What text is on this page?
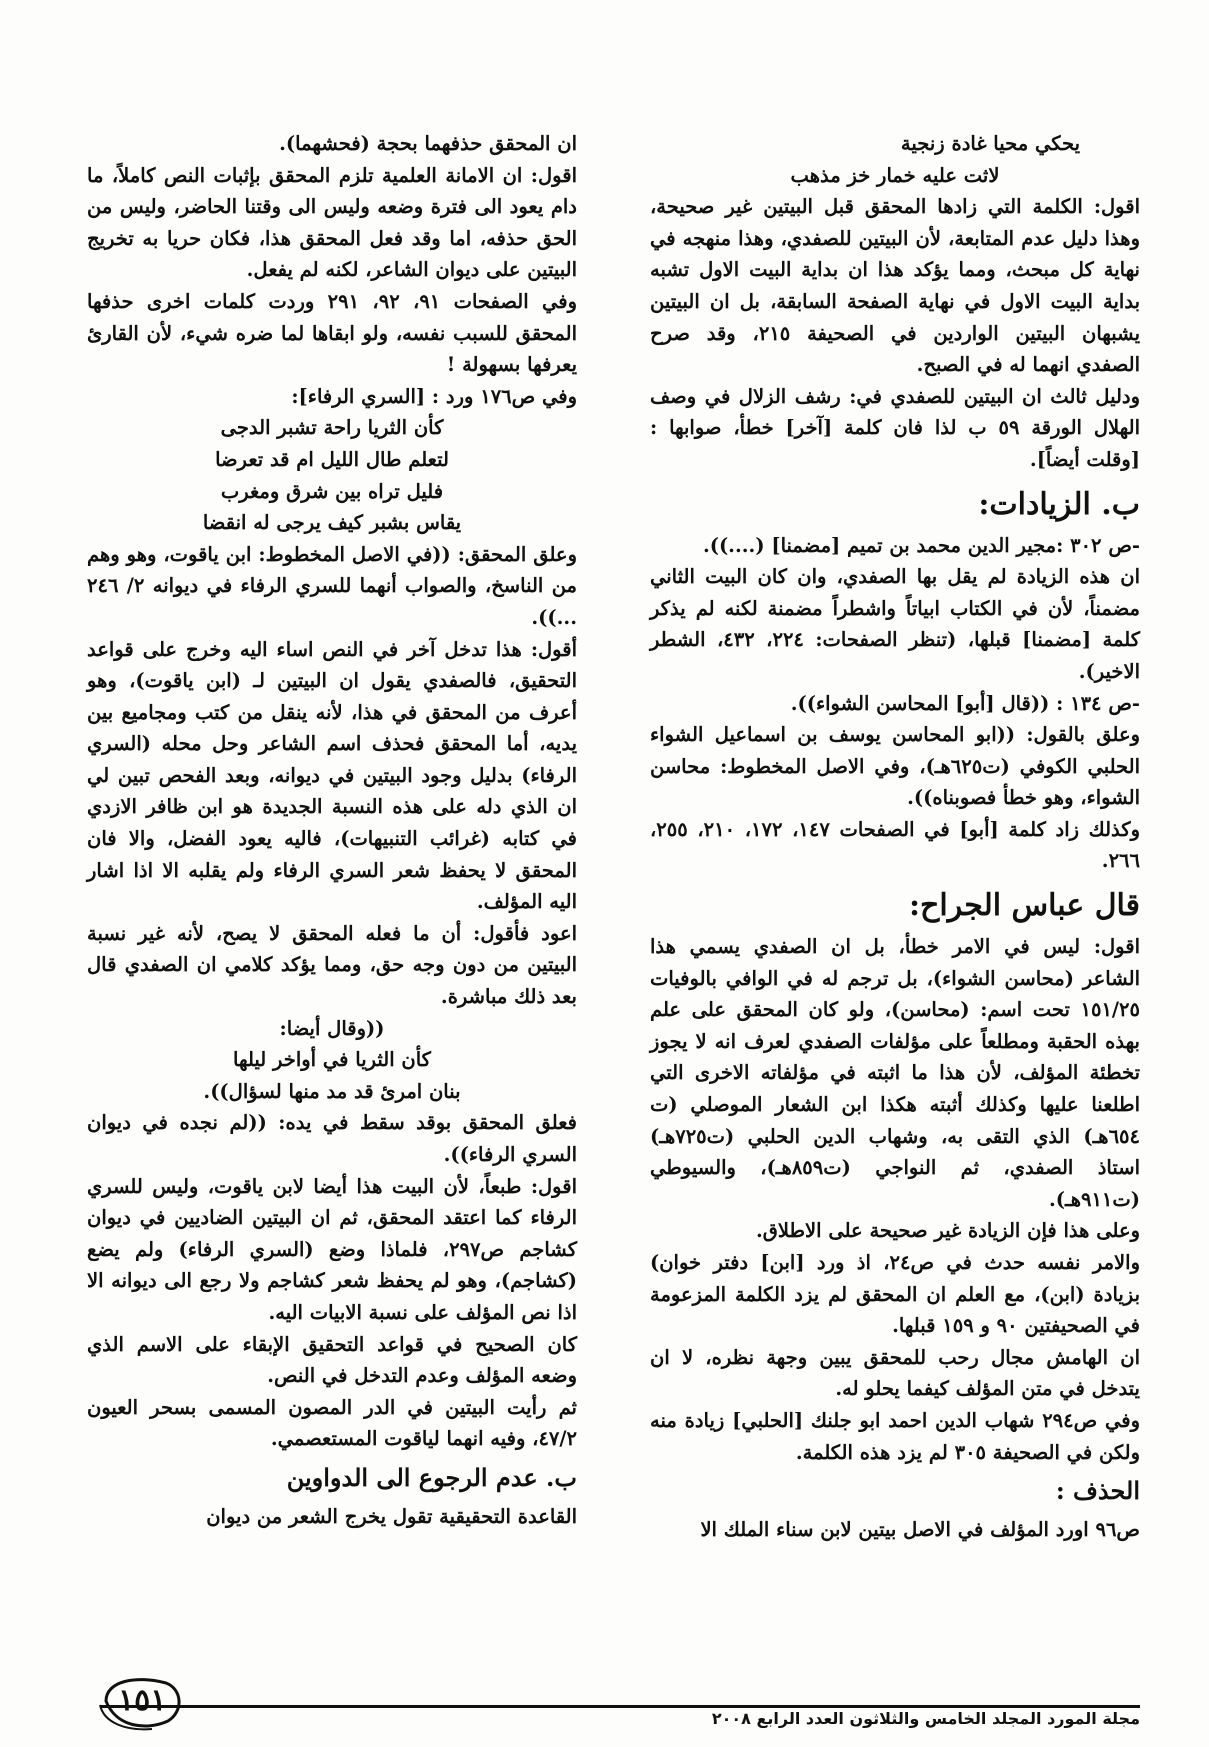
يحكي محيا غادة زنجية
لاثت عليه خمار خز مذهب

اقول: الكلمة التي زادها المحقق قبل البيتين غير صحيحة، وهذا دليل عدم المتابعة، لأن البيتين للصفدي، وهذا منهجه في نهاية كل مبحث، ومما يؤكد هذا ان بداية البيت الاول تشبه بداية البيت الاول في نهاية الصفحة السابقة، بل ان البيتين يشبهان البيتين الواردين في الصحيفة ٢١٥، وقد صرح الصفدي انهما له في الصبح.

ودليل ثالث ان البيتين للصفدي في: رشف الزلال في وصف الهلال الورقة ٥٩ ب لذا فان كلمة [آخر] خطأ، صوابها :[وقلت أيضاً].

ب. الزيادات:

-ص ٣٠٢ :مجير الدين محمد بن تميم [مضمنا] (....)).

ان هذه الزيادة لم يقل بها الصفدي، وان كان البيت الثاني مضمناً، لأن في الكتاب ابياتاً واشطراً مضمنة لكنه لم يذكر كلمة [مضمنا] قبلها، (تنظر الصفحات: ٢٢٤، ٤٣٢، الشطر الاخير).

-ص ١٣٤ : ((قال [أبو] المحاسن الشواء)).

وعلق بالقول: ((ابو المحاسن يوسف بن اسماعيل الشواء الحلبي الكوفي (ت٦٢٥هـ)، وفي الاصل المخطوط: محاسن الشواء، وهو خطأ فصوبناه)).

وكذلك زاد كلمة [أبو] في الصفحات ١٤٧، ١٧٢، ٢١٠، ٢٥٥، ٢٦٦.

قال عباس الجراح:

اقول: ليس في الامر خطأ، بل ان الصفدي يسمي هذا الشاعر (محاسن الشواء)، بل ترجم له في الوافي بالوفيات ١٥١/٢٥ تحت اسم: (محاسن)، ولو كان المحقق على علم بهذه الحقبة ومطلعاً على مؤلفات الصفدي لعرف انه لا يجوز تخطئة المؤلف، لأن هذا ما اثبته في مؤلفاته الاخرى التي اطلعنا عليها وكذلك أثبته هكذا ابن الشعار الموصلي (ت ٦٥٤هـ) الذي التقى به، وشهاب الدين الحلبي (ت٧٢٥هـ) استاذ الصفدي، ثم النواجي (ت٨٥٩هـ)، والسيوطي (ت٩١١هـ).

وعلى هذا فإن الزيادة غير صحيحة على الاطلاق.

والامر نفسه حدث في ص٢٤، اذ ورد [ابن] دفتر خوان) بزيادة (ابن)، مع العلم ان المحقق لم يزد الكلمة المزعومة في الصحيفتين ٩٠ و ١٥٩ قبلها.

ان الهامش مجال رحب للمحقق يبين وجهة نظره، لا ان يتدخل في متن المؤلف كيفما يحلو له.

وفي ص٢٩٤ شهاب الدين احمد ابو جلنك [الحلبي] زيادة منه ولكن في الصحيفة ٣٠٥ لم يزد هذه الكلمة.

الحذف :

ص٩٦ اورد المؤلف في الاصل بيتين لابن سناء الملك الا

ان المحقق حذفهما بحجة (فحشهما).

اقول: ان الامانة العلمية تلزم المحقق بإثبات النص كاملاً، ما دام يعود الى فترة وضعه وليس الى وقتنا الحاضر، وليس من الحق حذفه، اما وقد فعل المحقق هذا، فكان حريا به تخريج البيتين على ديوان الشاعر، لكنه لم يفعل.

وفي الصفحات ٩١، ٩٢، ٢٩١ وردت كلمات اخرى حذفها المحقق للسبب نفسه، ولو ابقاها لما ضره شيء، لأن القارئ يعرفها بسهولة !

وفي ص١٧٦ ورد : [السري الرفاء]:

كأن الثريا راحة تشبر الدجى
لتعلم طال الليل ام قد تعرضا
فليل تراه بين شرق ومغرب
يقاس بشبر كيف يرجى له انقضا

وعلق المحقق: ((في الاصل المخطوط: ابن ياقوت، وهو وهم من الناسخ، والصواب أنهما للسري الرفاء في ديوانه ٢/ ٢٤٦ ...)).

أقول: هذا تدخل آخر في النص اساء اليه وخرج على قواعد التحقيق، فالصفدي يقول ان البيتين لـ (ابن ياقوت)، وهو أعرف من المحقق في هذا، لأنه ينقل من كتب ومجاميع بين يديه، أما المحقق فحذف اسم الشاعر وحل محله (السري الرفاء) بدليل وجود البيتين في ديوانه، وبعد الفحص تبين لي ان الذي دله على هذه النسبة الجديدة هو ابن ظافر الازدي في كتابه (غرائب التنبيهات)، فاليه يعود الفضل، والا فان المحقق لا يحفظ شعر السري الرفاء ولم يقلبه الا اذا اشار اليه المؤلف.

اعود فأقول: أن ما فعله المحقق لا يصح، لأنه غير نسبة البيتين من دون وجه حق، ومما يؤكد كلامي ان الصفدي قال بعد ذلك مباشرة.

((وقال أيضا:
كأن الثريا في أواخر ليلها
بنان امرئ قد مد منها لسؤال)).

فعلق المحقق بوقد سقط في يده: ((لم نجده في ديوان السري الرفاء)).

اقول: طبعاً، لأن البيت هذا أيضا لابن ياقوت، وليس للسري الرفاء كما اعتقد المحقق، ثم ان البيتين الضاديين في ديوان كشاجم ص٢٩٧، فلماذا وضع (السري الرفاء) ولم يضع (كشاجم)، وهو لم يحفظ شعر كشاجم ولا رجع الى ديوانه الا اذا نص المؤلف على نسبة الابيات اليه.

كان الصحيح في قواعد التحقيق الإبقاء على الاسم الذي وضعه المؤلف وعدم التدخل في النص.

ثم رأيت البيتين في الدر المصون المسمى بسحر العيون ٤٧/٢، وفيه انهما لياقوت المستعصمي.

ب. عدم الرجوع الى الدواوين

القاعدة التحقيقية تقول يخرج الشعر من ديوان

مجلة المورد المجلد الخامس والثلاثون العدد الرابع ٢٠٠٨
١٥١
